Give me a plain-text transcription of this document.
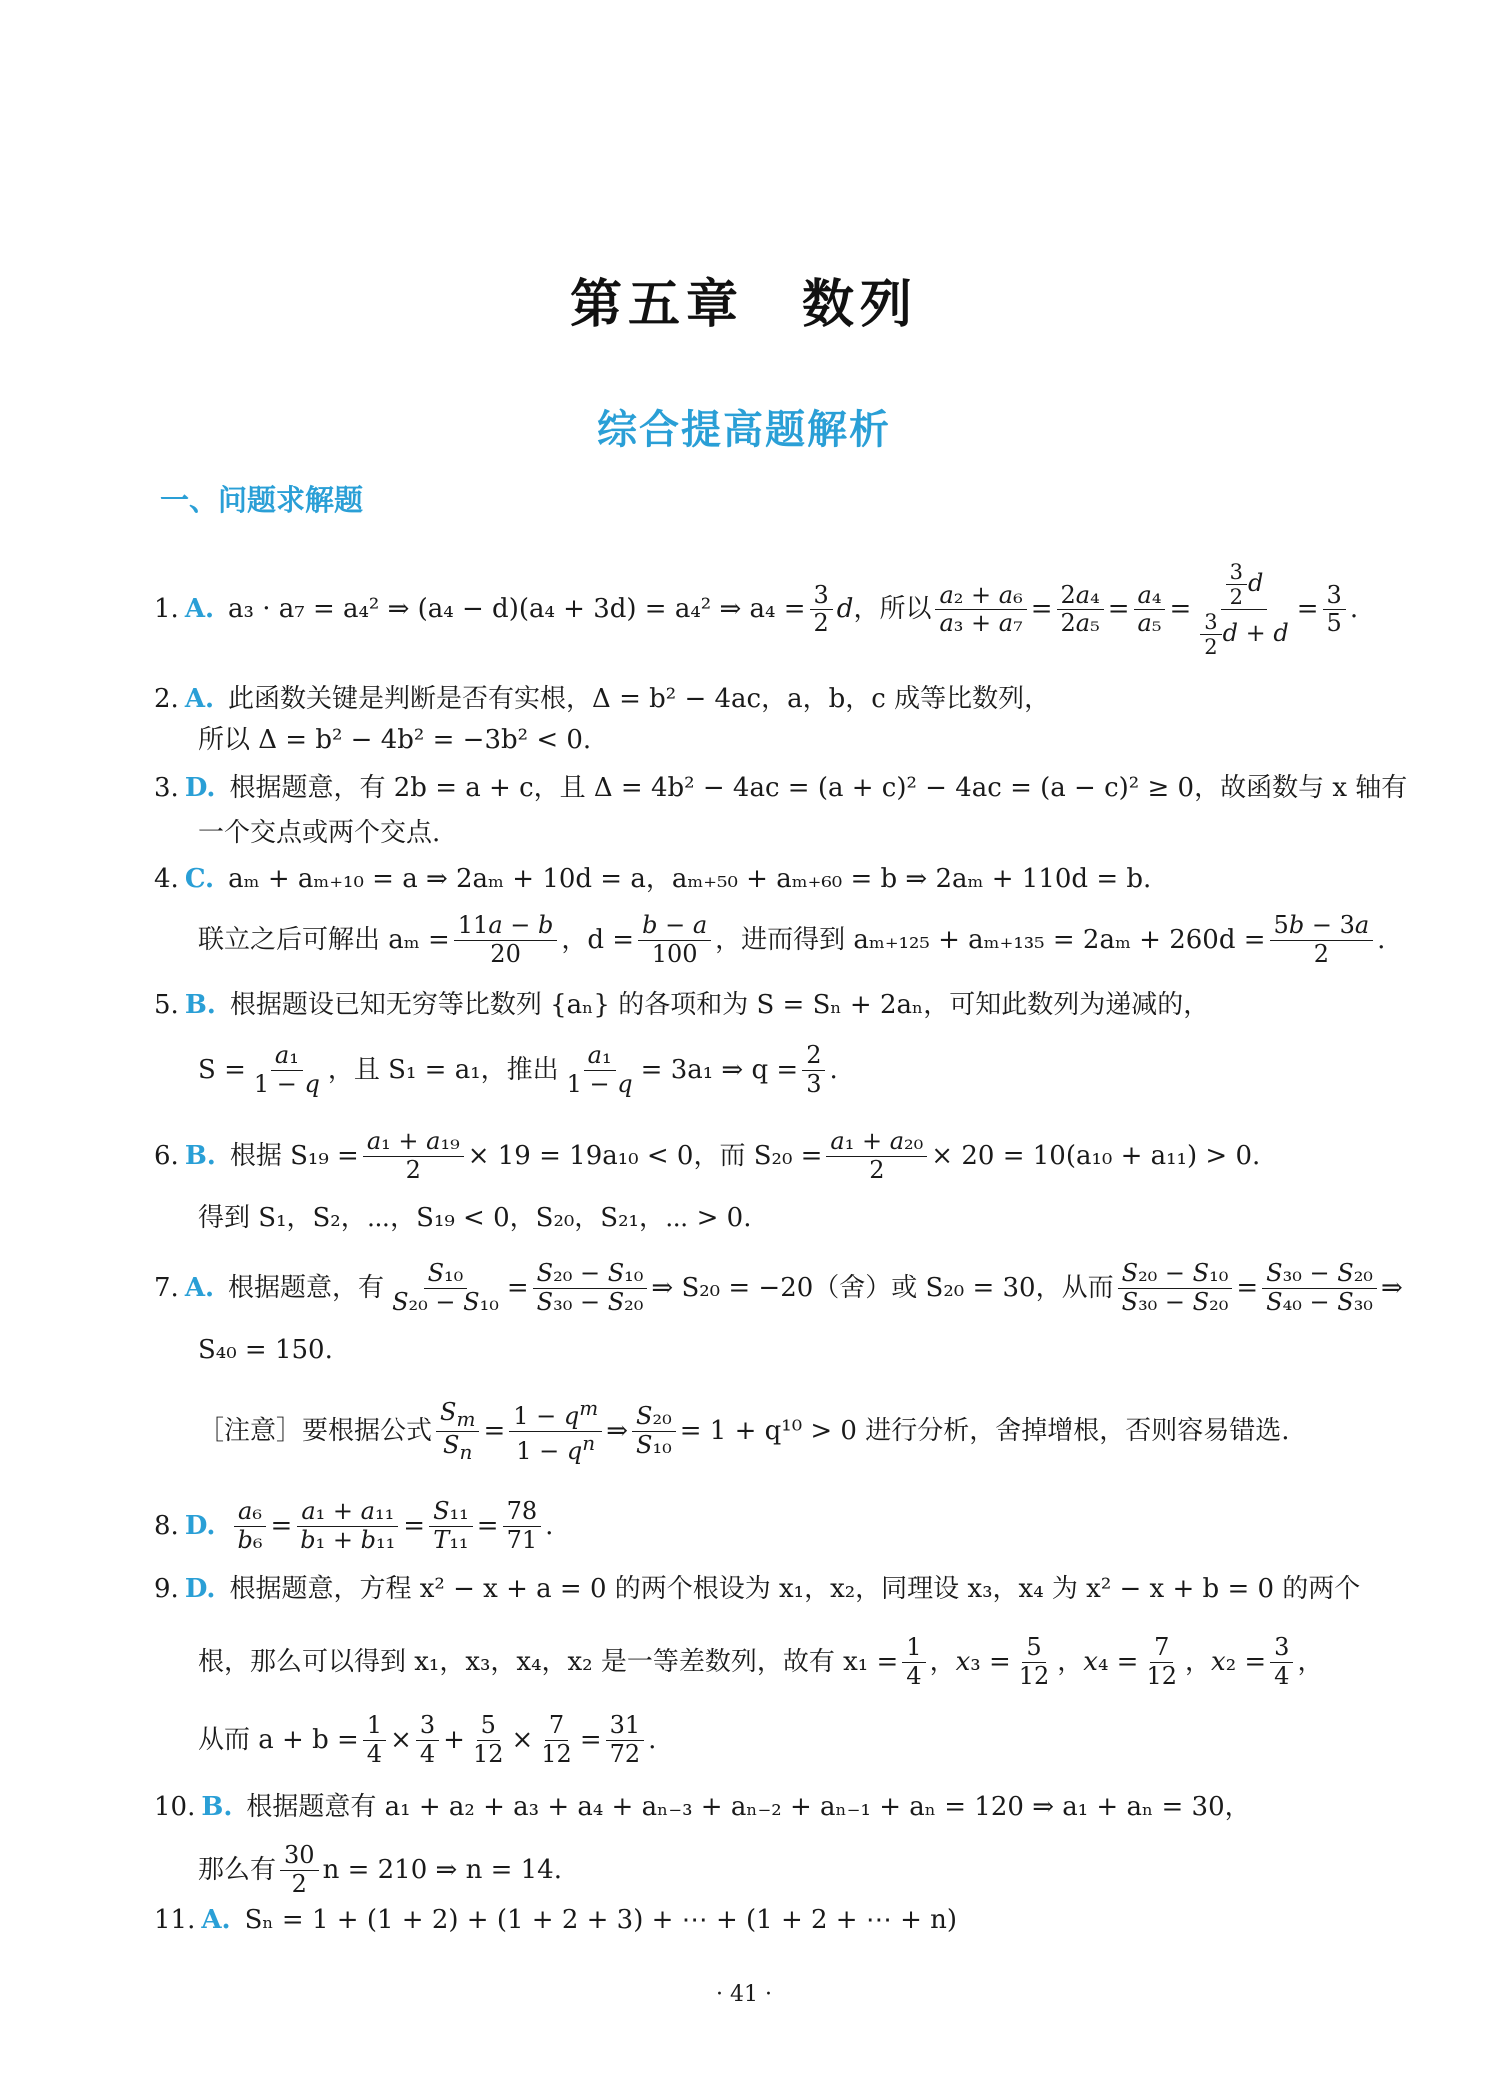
第五章　数列
综合提高题解析
一、问题求解题
1. A. a₃ · a₇ = a₄² ⇒ (a₄ − d)(a₄ + 3d) = a₄² ⇒ $a_4 = \frac{3}{2}$ d ，所以 $\frac{\text{a₂ + a₆}}{\text{a₃ + a₇}} = \frac{\text{2a₄}}{\text{2a₅}} = \frac{\text{a₄}}{\text{a₅}} = \frac{\frac{3}{2} d}{\frac{3}{2} d + d} = \frac{3}{5}$ .
2. A. 此函数关键是判断是否有实根，Δ = b² − 4ac，a，b，c 成等比数列，
所以 Δ = b² − 4b² = −3b² < 0.
3. D. 根据题意，有 2b = a + c，且 Δ = 4b² − 4ac = (a + c)² − 4ac = (a − c)² ≥ 0，故函数与 x 轴有
一个交点或两个交点.
4. C. aₘ + aₘ₊₁₀ = a ⇒ 2aₘ + 10d = a，aₘ₊₅₀ + aₘ₊₆₀ = b ⇒ 2aₘ + 110d = b.
联立之后可解出 $a_m = \frac{11a - b}{20}$ ，$d = \frac{b - a}{100}$ ，进而得到 $a_{m+125} + a_{m+135} = 2a_m + 260d = \frac{5b - 3a}{2}$ .
5. B. 根据题设已知无穷等比数列 {aₙ} 的各项和为 S = Sₙ + 2aₙ，可知此数列为递减的，
$S = \frac{\text{a₁}}{1 - q}$ ，且 S₁ = a₁，推出 $\frac{\text{a₁}}{1 - q} = 3a_1$ ⇒ $q = \frac{2}{3}$ .
6. B. 根据 $S_{19} = \frac{\text{a₁ + a₁₉}}{2} \times 19 = 19a_{10} < 0$，而 $S_{20} = \frac{\text{a₁ + a₂₀}}{2} \times 20 = 10(a_{10} + a_{11}) > 0$.
得到 S₁，S₂，⋯，S₁₉ < 0，S₂₀，S₂₁，⋯ > 0.
7. A. 根据题意，有 $\frac{\text{S₁₀}}{\text{S₂₀ − S₁₀}} = \frac{\text{S₂₀ − S₁₀}}{\text{S₃₀ − S₂₀}}$ ⇒ S₂₀ = −20（舍）或 S₂₀ = 30，从而 $\frac{\text{S₂₀ − S₁₀}}{\text{S₃₀ − S₂₀}} = \frac{\text{S₃₀ − S₂₀}}{\text{S₄₀ − S₃₀}}$ ⇒
S₄₀ = 150.
［注意］要根据公式 $\frac{S_m}{S_n} = \frac{1 - q^m}{1 - q^n}$ ⇒ $\frac{\text{S₂₀}}{\text{S₁₀}} = 1 + q^{10} > 0$ 进行分析，舍掉增根，否则容易错选.
8. D. $\frac{\text{a₆}}{\text{b₆}} = \frac{\text{a₁ + a₁₁}}{\text{b₁ + b₁₁}} = \frac{\text{S₁₁}}{\text{T₁₁}} = \frac{78}{71}$ .
9. D. 根据题意，方程 x² − x + a = 0 的两个根设为 x₁，x₂，同理设 x₃，x₄ 为 x² − x + b = 0 的两个
根，那么可以得到 x₁，x₃，x₄，x₂ 是一等差数列，故有 $x_1 = \frac{1}{4}$ ， x $_3 = \frac{5}{12}$ ， x $_4 = \frac{7}{12}$ ， x $_2 = \frac{3}{4}$ ，
从而 $a + b = \frac{1}{4} \times \frac{3}{4} + \frac{5}{12} \times \frac{7}{12} = \frac{31}{72}$ .
10. B. 根据题意有 a₁ + a₂ + a₃ + a₄ + aₙ₋₃ + aₙ₋₂ + aₙ₋₁ + aₙ = 120 ⇒ a₁ + aₙ = 30，
那么有 $\frac{30}{2}$ n = 210 ⇒ n = 14.
11. A. Sₙ = 1 + (1 + 2) + (1 + 2 + 3) + ⋯ + (1 + 2 + ⋯ + n)
· 41 ·
